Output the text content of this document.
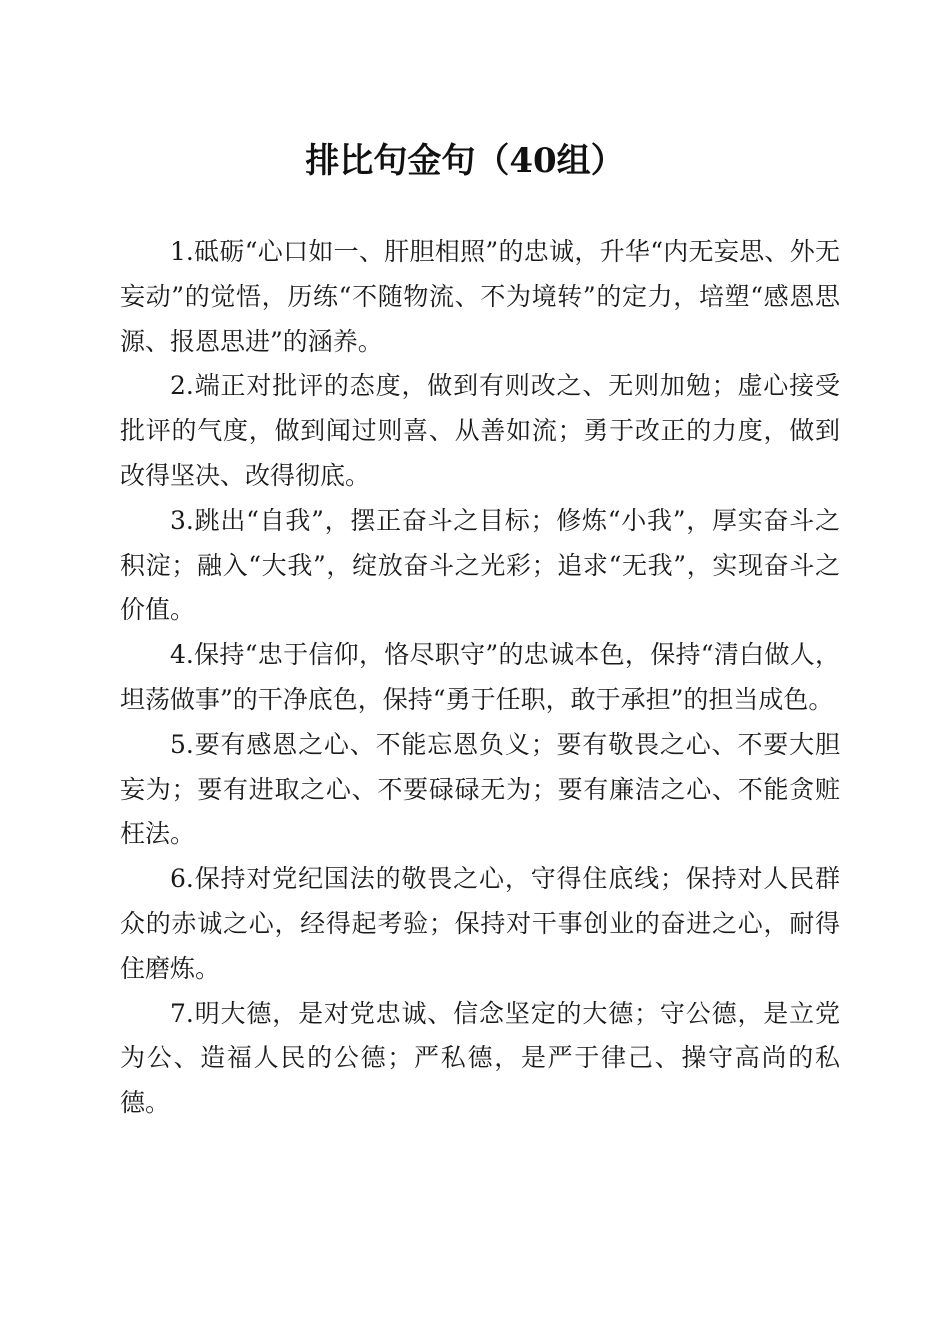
排比句金句（40组）

1.砥砺“心口如一、肝胆相照”的忠诚，升华“内无妄思、外无妄动”的觉悟，历练“不随物流、不为境转”的定力，培塑“感恩思源、报恩思进”的涵养。

2.端正对批评的态度，做到有则改之、无则加勉；虚心接受批评的气度，做到闻过则喜、从善如流；勇于改正的力度，做到改得坚决、改得彻底。

3.跳出“自我”，摆正奋斗之目标；修炼“小我”，厚实奋斗之积淀；融入“大我”，绽放奋斗之光彩；追求“无我”，实现奋斗之价值。

4.保持“忠于信仰，恪尽职守”的忠诚本色，保持“清白做人，坦荡做事”的干净底色，保持“勇于任职，敢于承担”的担当成色。

5.要有感恩之心、不能忘恩负义；要有敬畏之心、不要大胆妄为；要有进取之心、不要碌碌无为；要有廉洁之心、不能贪赃枉法。

6.保持对党纪国法的敬畏之心，守得住底线；保持对人民群众的赤诚之心，经得起考验；保持对干事创业的奋进之心，耐得住磨炼。

7.明大德，是对党忠诚、信念坚定的大德；守公德，是立党为公、造福人民的公德；严私德，是严于律己、操守高尚的私德。
